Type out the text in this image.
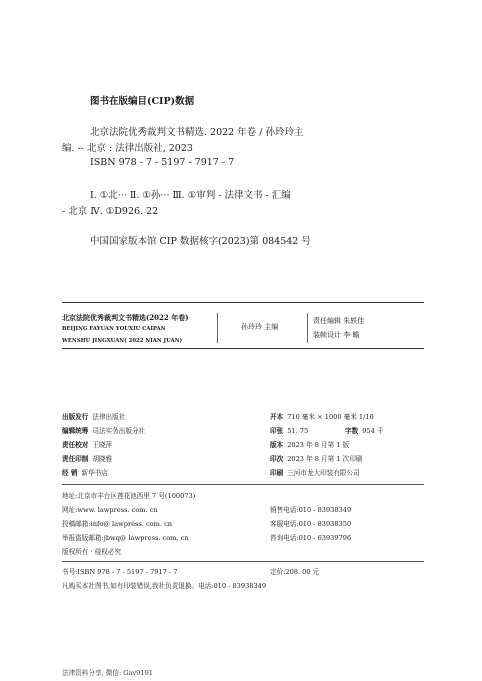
图书在版编目(CIP)数据
北京法院优秀裁判文书精选. 2022 年卷 / 孙玲玲主
编. -- 北京 : 法律出版社, 2023
ISBN 978 - 7 - 5197 - 7917 - 7
Ⅰ. ①北··· Ⅱ. ①孙··· Ⅲ. ①审判 - 法律文书 - 汇编
- 北京 Ⅳ. ①D926. 22
中国国家版本馆 CIP 数据核字(2023)第 084542 号
北京法院优秀裁判文书精选(2022 年卷)
BEIJING FAYUAN YOUXIU CAIPAN
WENSHU JINGXUAN( 2022 NIAN JUAN)
孙玲玲 主编
责任编辑 朱轶佳
装帧设计 李 瞻
出版发行 法律出版社
编辑统筹 司法实务出版分社
责任校对 王晓萍
责任印制 胡晓雅
经 销 新华书店
开本 710 毫米 × 1000 毫米 1/16
印张 51. 75	字数 954 千
版本 2023 年 8 月第 1 版
印次 2023 年 8 月第 1 次印刷
印刷 三河市龙大印装有限公司
地址:北京市丰台区莲花池西里 7 号(100073)
网址:www. lawpress. com. cn
投稿邮箱:info@ lawpress. com. cn
举报盗版邮箱:jbwq@ lawpress. com. cn
版权所有 · 侵权必究
销售电话:010 - 83938349
客服电话:010 - 83938350
咨询电话:010 - 63939796
书号:ISBN 978 - 7 - 5197 - 7917 - 7	定价:208. 00 元
凡购买本社图书,如有印装错误,我社负责退换。电话:010 - 83938349
法律资料分享, 微信: Gav9191
